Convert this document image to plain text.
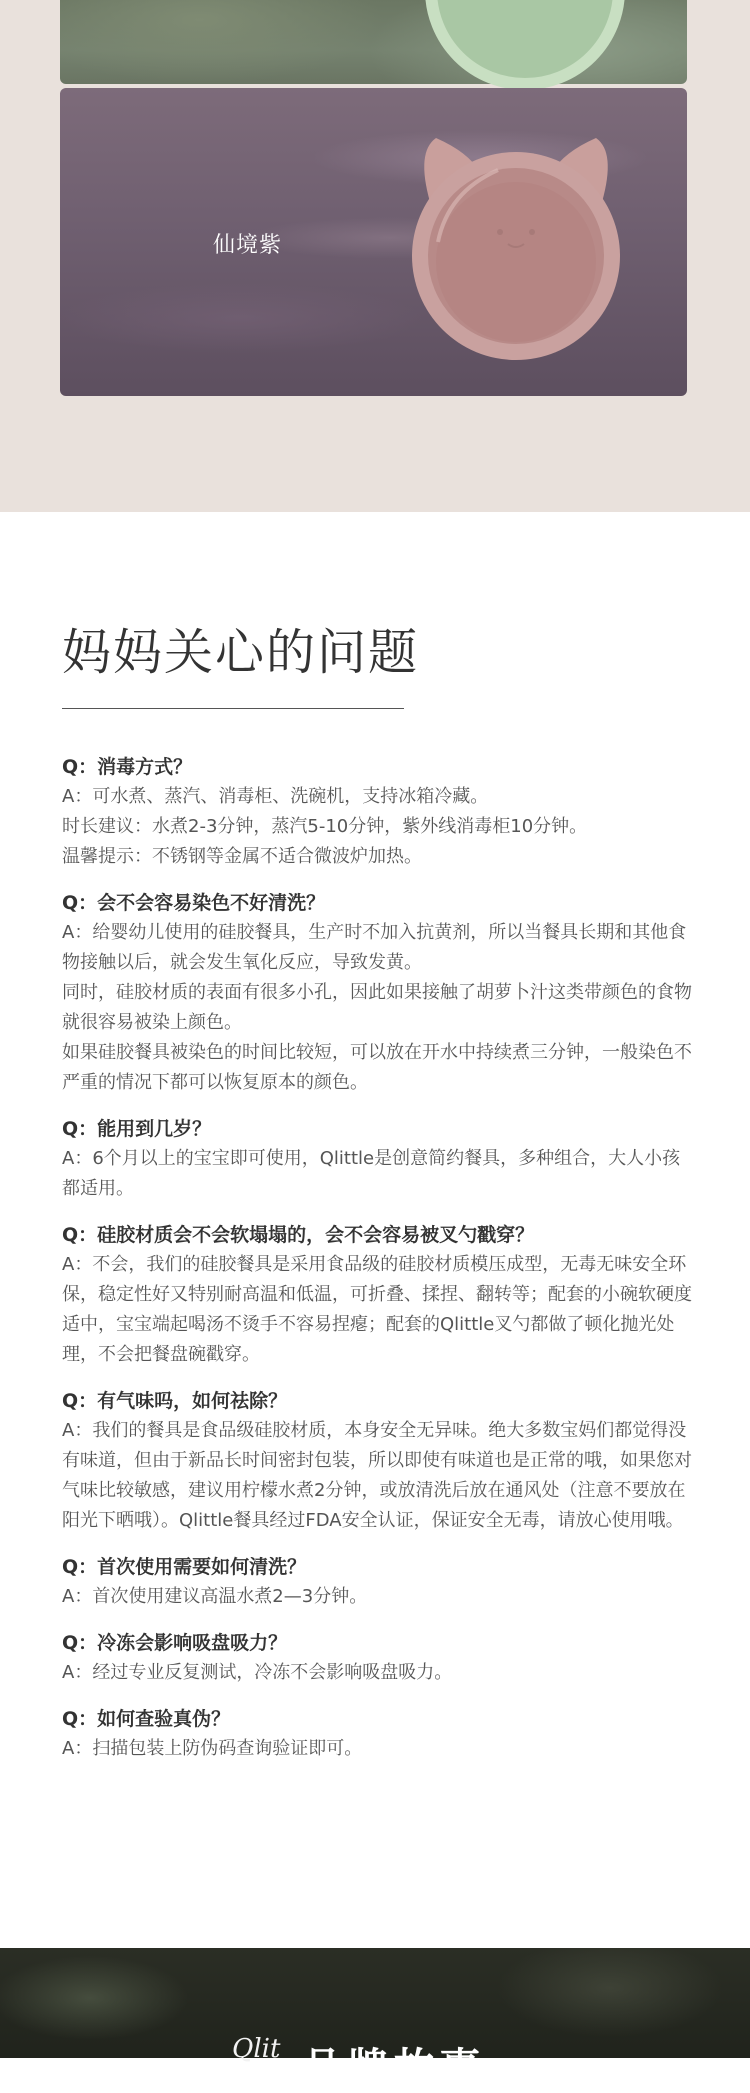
仙境紫
妈妈关心的问题
Q：消毒方式？

A：可水煮、蒸汽、消毒柜、洗碗机，支持冰箱冷藏。

时长建议：水煮2-3分钟，蒸汽5-10分钟，紫外线消毒柜10分钟。

温馨提示：不锈钢等金属不适合微波炉加热。

Q：会不会容易染色不好清洗？

A：给婴幼儿使用的硅胶餐具，生产时不加入抗黄剂，所以当餐具长期和其他食物接触以后，就会发生氧化反应，导致发黄。

同时，硅胶材质的表面有很多小孔，因此如果接触了胡萝卜汁这类带颜色的食物就很容易被染上颜色。

如果硅胶餐具被染色的时间比较短，可以放在开水中持续煮三分钟，一般染色不严重的情况下都可以恢复原本的颜色。

Q：能用到几岁？

A：6个月以上的宝宝即可使用，Qlittle是创意简约餐具，多种组合，大人小孩都适用。

Q：硅胶材质会不会软塌塌的，会不会容易被叉勺戳穿？

A：不会，我们的硅胶餐具是采用食品级的硅胶材质模压成型，无毒无味安全环保，稳定性好又特别耐高温和低温，可折叠、揉捏、翻转等；配套的小碗软硬度适中，宝宝端起喝汤不烫手不容易捏瘪；配套的Qlittle叉勺都做了顿化抛光处理，不会把餐盘碗戳穿。

Q：有气味吗，如何祛除？

A：我们的餐具是食品级硅胶材质，本身安全无异味。绝大多数宝妈们都觉得没有味道，但由于新品长时间密封包装，所以即使有味道也是正常的哦，如果您对气味比较敏感，建议用柠檬水煮2分钟，或放清洗后放在通风处（注意不要放在阳光下晒哦）。Qlittle餐具经过FDA安全认证，保证安全无毒，请放心使用哦。

Q：首次使用需要如何清洗？

A：首次使用建议高温水煮2—3分钟。

Q：冷冻会影响吸盘吸力？

A：经过专业反复测试，冷冻不会影响吸盘吸力。

Q：如何查验真伪？

A：扫描包装上防伪码查询验证即可。

Qlit 品牌故事
